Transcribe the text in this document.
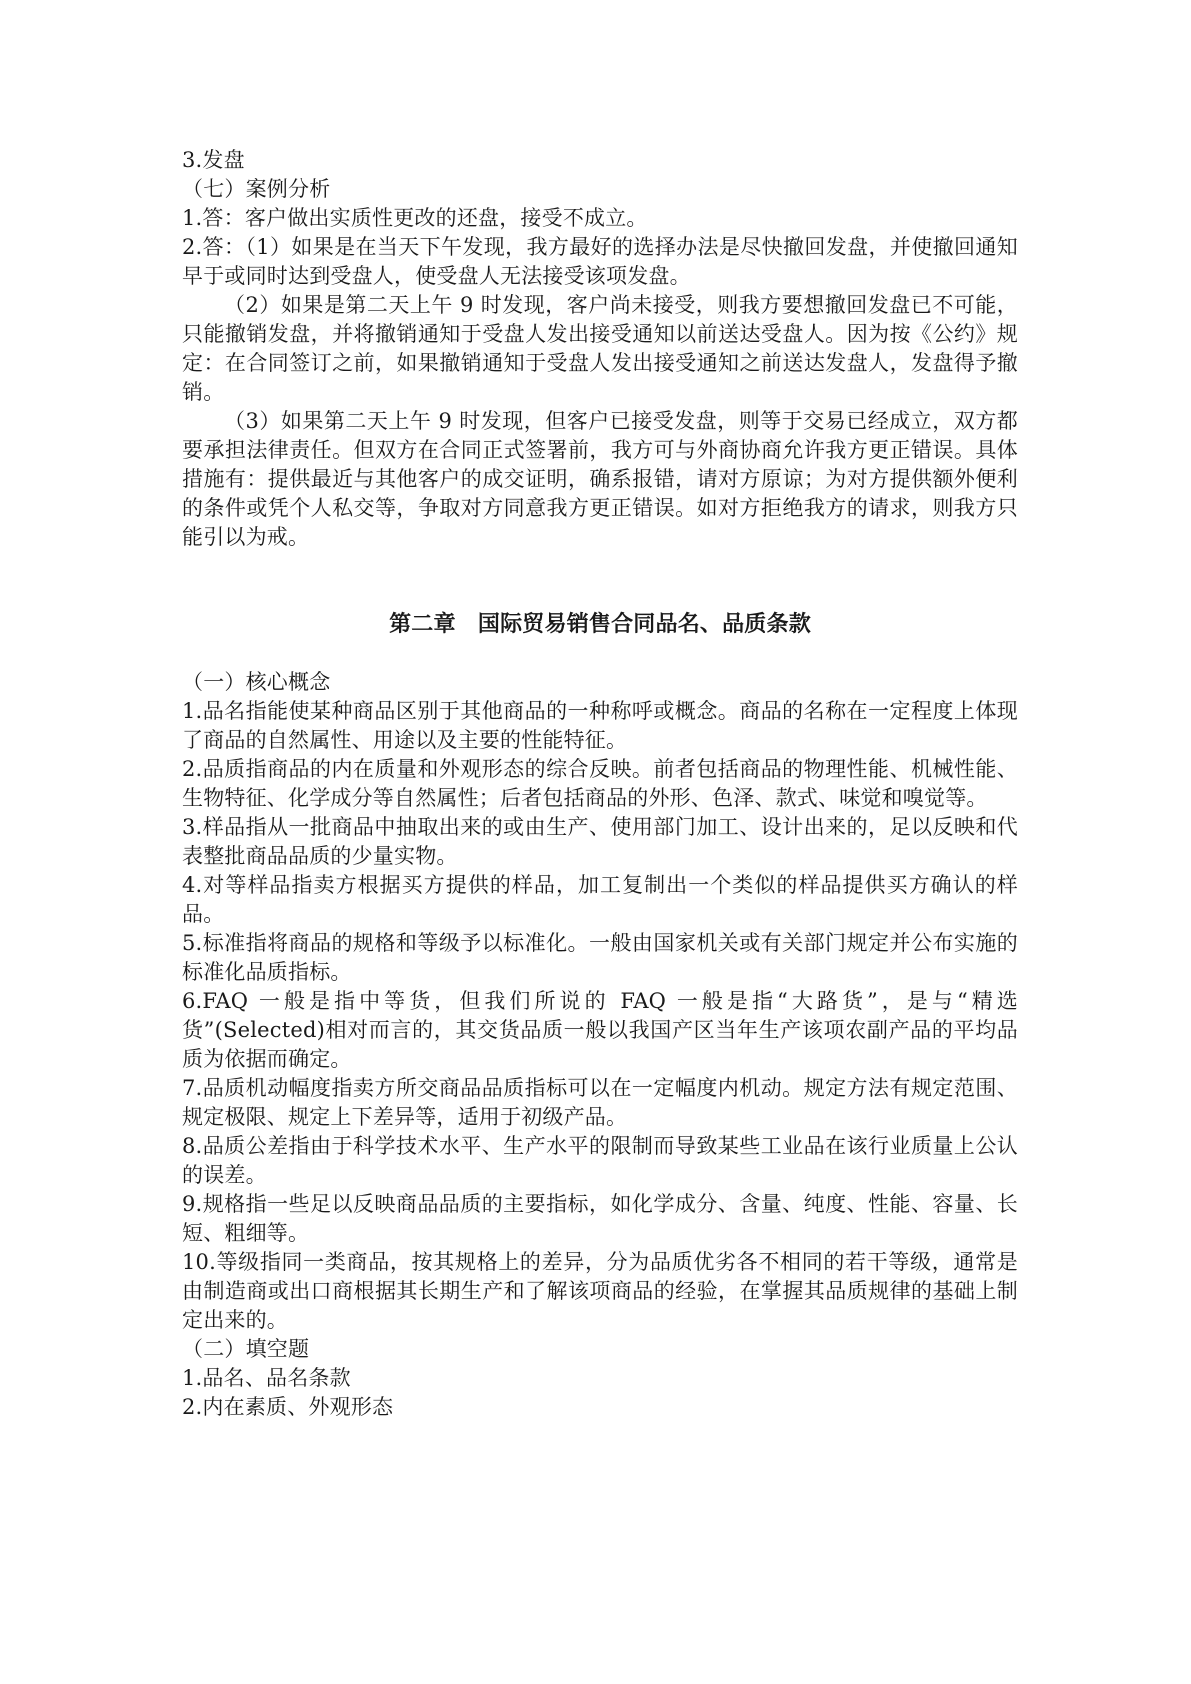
3.发盘

（七）案例分析

1.答：客户做出实质性更改的还盘，接受不成立。

2.答：（1）如果是在当天下午发现，我方最好的选择办法是尽快撤回发盘，并使撤回通知早于或同时达到受盘人，使受盘人无法接受该项发盘。

（2）如果是第二天上午 9 时发现，客户尚未接受，则我方要想撤回发盘已不可能，只能撤销发盘，并将撤销通知于受盘人发出接受通知以前送达受盘人。因为按《公约》规定：在合同签订之前，如果撤销通知于受盘人发出接受通知之前送达发盘人，发盘得予撤销。

（3）如果第二天上午 9 时发现，但客户已接受发盘，则等于交易已经成立，双方都要承担法律责任。但双方在合同正式签署前，我方可与外商协商允许我方更正错误。具体措施有：提供最近与其他客户的成交证明，确系报错，请对方原谅；为对方提供额外便利的条件或凭个人私交等，争取对方同意我方更正错误。如对方拒绝我方的请求，则我方只能引以为戒。

第二章　国际贸易销售合同品名、品质条款

（一）核心概念

1.品名指能使某种商品区别于其他商品的一种称呼或概念。商品的名称在一定程度上体现了商品的自然属性、用途以及主要的性能特征。

2.品质指商品的内在质量和外观形态的综合反映。前者包括商品的物理性能、机械性能、生物特征、化学成分等自然属性；后者包括商品的外形、色泽、款式、味觉和嗅觉等。

3.样品指从一批商品中抽取出来的或由生产、使用部门加工、设计出来的，足以反映和代表整批商品品质的少量实物。

4.对等样品指卖方根据买方提供的样品，加工复制出一个类似的样品提供买方确认的样品。

5.标准指将商品的规格和等级予以标准化。一般由国家机关或有关部门规定并公布实施的标准化品质指标。

6.FAQ 一般是指中等货，但我们所说的 FAQ 一般是指“大路货”，是与“精选货”(Selected)相对而言的，其交货品质一般以我国产区当年生产该项农副产品的平均品质为依据而确定。

7.品质机动幅度指卖方所交商品品质指标可以在一定幅度内机动。规定方法有规定范围、规定极限、规定上下差异等，适用于初级产品。

8.品质公差指由于科学技术水平、生产水平的限制而导致某些工业品在该行业质量上公认的误差。

9.规格指一些足以反映商品品质的主要指标，如化学成分、含量、纯度、性能、容量、长短、粗细等。

10.等级指同一类商品，按其规格上的差异，分为品质优劣各不相同的若干等级，通常是由制造商或出口商根据其长期生产和了解该项商品的经验，在掌握其品质规律的基础上制定出来的。

（二）填空题

1.品名、品名条款

2.内在素质、外观形态
